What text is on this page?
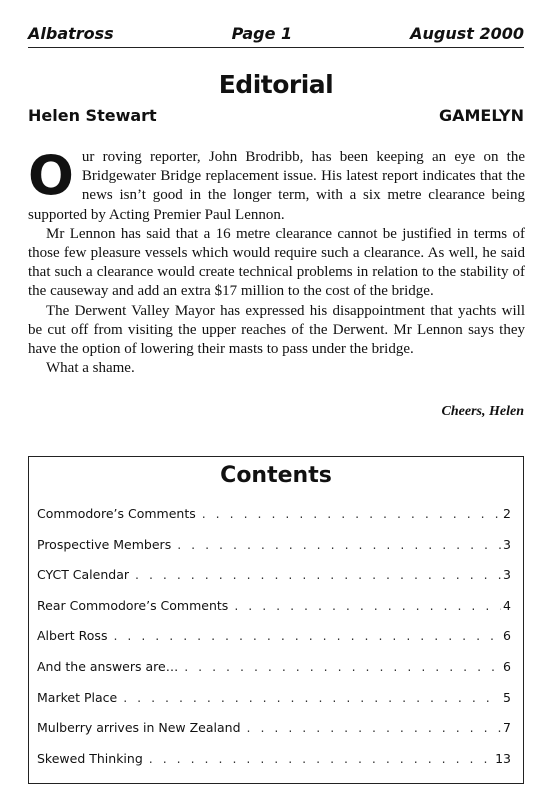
Albatross	Page 1	August 2000
Editorial
Helen Stewart	GAMELYN

Our roving reporter, John Brodribb, has been keeping an eye on the Bridgewater Bridge replacement issue. His latest report indicates that the news isn’t good in the longer term, with a six metre clearance being supported by Acting Premier Paul Lennon.

Mr Lennon has said that a 16 metre clearance cannot be justified in terms of those few pleasure vessels which would require such a clearance. As well, he said that such a clearance would create technical problems in relation to the stability of the causeway and add an extra $17 million to the cost of the bridge.

The Derwent Valley Mayor has expressed his disappointment that yachts will be cut off from visiting the upper reaches of the Derwent. Mr Lennon says they have the option of lowering their masts to pass under the bridge.

What a shame.

Cheers, Helen
Contents
Commodore’s Comments . . .	2
Prospective Members . . .	3
CYCT Calendar . . .	3
Rear Commodore’s Comments . . .	4
Albert Ross . . .	6
And the answers are… . . .	6
Market Place . . .	5
Mulberry arrives in New Zealand . . .	7
Skewed Thinking . . .	13
